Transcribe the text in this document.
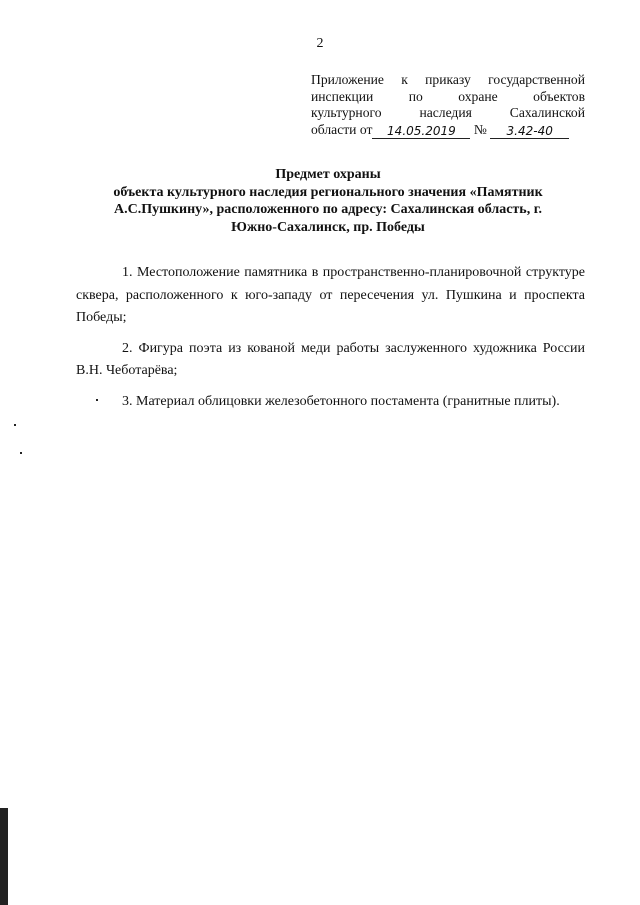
2
Приложение к приказу государственной
инспекции по охране объектов
культурного наследия Сахалинской
области от 14.05.2019 № 3.42-40
Предмет охраны
объекта культурного наследия регионального значения «Памятник
А.С.Пушкину», расположенного по адресу: Сахалинская область, г.
Южно-Сахалинск, пр. Победы

1. Местоположение памятника в пространственно-планировочной структуре сквера, расположенного к юго-западу от пересечения ул. Пушкина и проспекта Победы;

2. Фигура поэта из кованой меди работы заслуженного художника России В.Н. Чеботарёва;

3. Материал облицовки железобетонного постамента (гранитные плиты).
